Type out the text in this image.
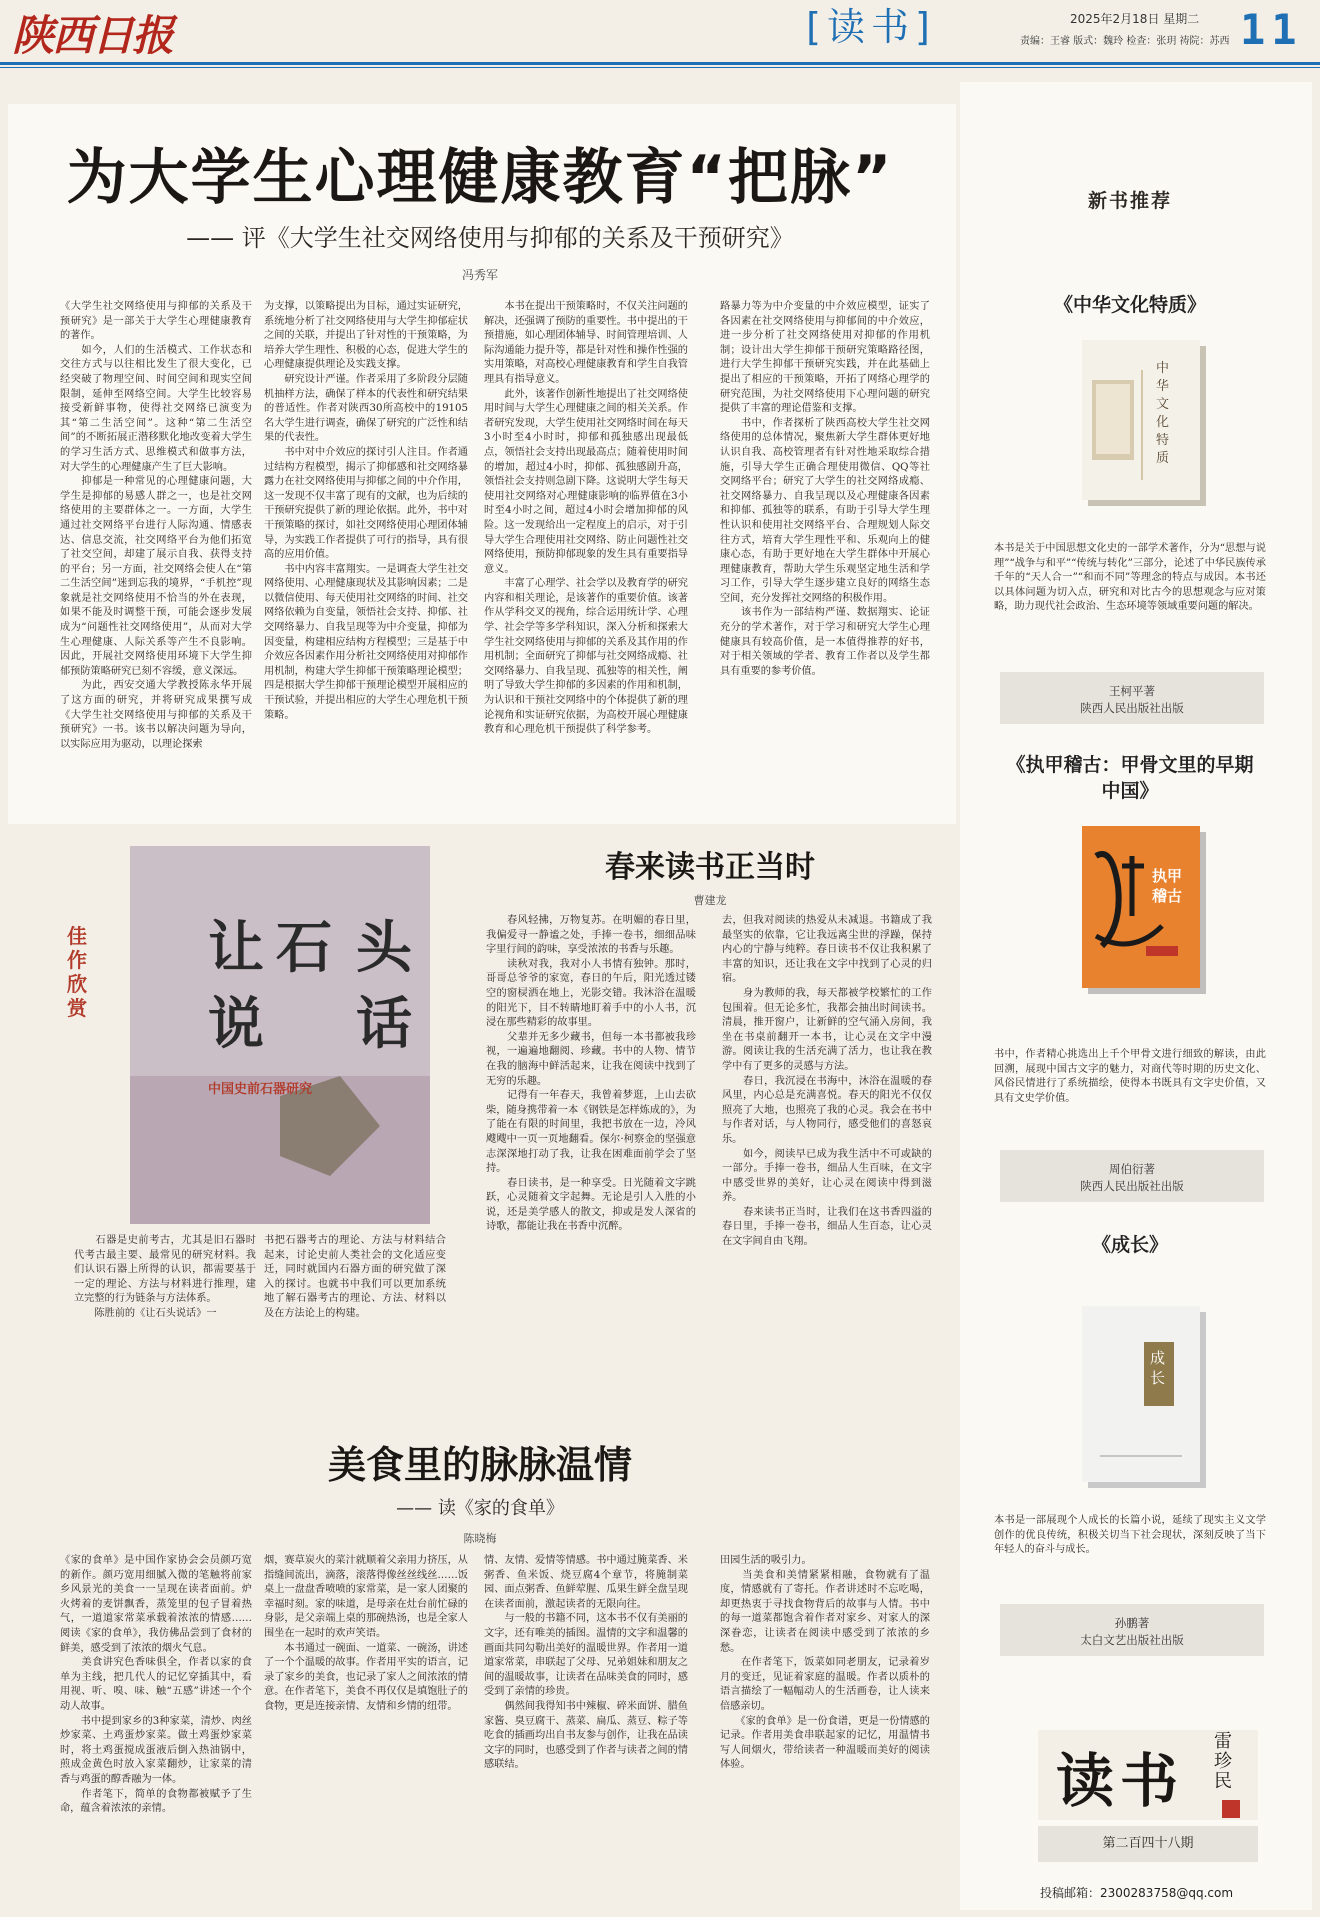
陕西日报	[读书]	2025年2月18日 星期二
责编：王睿 版式：魏玲 检查：张玥 祷院：苏西 11
为大学生心理健康教育“把脉”
—— 评《大学生社交网络使用与抑郁的关系及干预研究》
冯秀军
《大学生社交网络使用与抑郁的关系及干预研究》是一部关于大学生心理健康教育的著作。
　　如今，人们的生活模式、工作状态和交往方式与以往相比发生了很大变化，已经突破了物理空间、时间空间和现实空间限制，延伸至网络空间。大学生比较容易接受新鲜事物，使得社交网络已演变为其“第二生活空间”。这种“第二生活空间”的不断拓展正潜移默化地改变着大学生的学习生活方式、思维模式和做事方法，对大学生的心理健康产生了巨大影响。
　　抑郁是一种常见的心理健康问题，大学生是抑郁的易感人群之一，也是社交网络使用的主要群体之一。一方面，大学生通过社交网络平台进行人际沟通、情感表达、信息交流，社交网络平台为他们拓宽了社交空间，却建了展示自我、获得支持的平台；另一方面，社交网络会使人在“第二生活空间”迷到忘我的境界，“手机控”现象就是社交网络使用不恰当的外在表现，如果不能及时调整干预，可能会逐步发展成为“问题性社交网络使用”，从而对大学生心理健康、人际关系等产生不良影响。因此，开展社交网络使用环境下大学生抑郁预防策略研究已刻不容缓，意义深远。
　　为此，西安交通大学教授陈永华开展了这方面的研究，并将研究成果撰写成《大学生社交网络使用与抑郁的关系及干预研究》一书。该书以解决问题为导向，以实际应用为驱动，以理论探索
为支撑，以策略提出为目标，通过实证研究，系统地分析了社交网络使用与大学生抑郁症状之间的关联，并提出了针对性的干预策略，为培养大学生理性、积极的心态，促进大学生的心理健康提供理论及实践支撑。
　　研究设计严谨。作者采用了多阶段分层随机抽样方法，确保了样本的代表性和研究结果的普适性。作者对陕西30所高校中的19105名大学生进行调查，确保了研究的广泛性和结果的代表性。
　　书中对中介效应的探讨引人注目。作者通过结构方程模型，揭示了抑郁感和社交网络暴露力在社交网络使用与抑郁之间的中介作用，这一发现不仅丰富了现有的文献，也为后续的干预研究提供了新的理论依据。此外，书中对干预策略的探讨，如社交网络使用心理团体辅导，为实践工作者提供了可行的指导，具有很高的应用价值。
　　书中内容丰富翔实。一是调查大学生社交网络使用、心理健康现状及其影响因素；二是以微信使用、每天使用社交网络的时间、社交网络依赖为自变量，领悟社会支持、抑郁、社交网络暴力、自我呈现等为中介变量，抑郁为因变量，构建相应结构方程模型；三是基于中介效应各因素作用分析社交网络使用对抑郁作用机制，构建大学生抑郁干预策略理论模型；四是根据大学生抑郁干预理论模型开展相应的干预试验，并提出相应的大学生心理危机干预策略。
　　本书在提出干预策略时，不仅关注问题的解决，还强调了预防的重要性。书中提出的干预措施，如心理团体辅导、时间管理培训、人际沟通能力提升等，都是针对性和操作性强的实用策略，对高校心理健康教育和学生自我管理具有指导意义。
　　此外，该著作创新性地提出了社交网络使用时间与大学生心理健康之间的相关关系。作者研究发现，大学生使用社交网络时间在每天3小时至4小时时，抑郁和孤独感出现最低点，领悟社会支持出现最高点；随着使用时间的增加，超过4小时，抑郁、孤独感剧升高，领悟社会支持则急剧下降。这说明大学生每天使用社交网络对心理健康影响的临界值在3小时至4小时之间，超过4小时会增加抑郁的风险。这一发现给出一定程度上的启示，对于引导大学生合理使用社交网络、防止问题性社交网络使用，预防抑郁现象的发生具有重要指导意义。
　　丰富了心理学、社会学以及教育学的研究内容和相关理论，是该著作的重要价值。该著作从学科交叉的视角，综合运用统计学、心理学、社会学等多学科知识，深入分析和探索大学生社交网络使用与抑郁的关系及其作用的作用机制；全面研究了抑郁与社交网络成瘾、社交网络暴力、自我呈现、孤独等的相关性，阐明了导致大学生抑郁的多因素的作用和机制，为认识和干预社交网络中的个体提供了新的理论视角和实证研究依据，为高校开展心理健康教育和心理危机干预提供了科学参考。
路暴力等为中介变量的中介效应模型，证实了各因素在社交网络使用与抑郁间的中介效应，进一步分析了社交网络使用对抑郁的作用机制；设计出大学生抑郁干预研究策略路径图，进行大学生抑郁干预研究实践，并在此基础上提出了相应的干预策略，开拓了网络心理学的研究范围，为社交网络使用下心理问题的研究提供了丰富的理论借鉴和支撑。
　　书中，作者探析了陕西高校大学生社交网络使用的总体情况，聚焦新大学生群体更好地认识自我、高校管理者有针对性地采取综合措施，引导大学生正确合理使用微信、QQ等社交网络平台；研究了大学生的社交网络成瘾、社交网络暴力、自我呈现以及心理健康各因素和抑郁、孤独等的联系，有助于引导大学生理性认识和使用社交网络平台、合理规划人际交往方式，培育大学生理性平和、乐观向上的健康心态，有助于更好地在大学生群体中开展心理健康教育，帮助大学生乐观坚定地生活和学习工作，引导大学生逐步建立良好的网络生态空间，充分发挥社交网络的积极作用。
　　该书作为一部结构严谨、数据翔实、论证充分的学术著作，对于学习和研究大学生心理健康具有较高价值，是一本值得推荐的好书，对于相关领域的学者、教育工作者以及学生都具有重要的参考价值。
新书推荐
《中华文化特质》
中华文化特质
本书是关于中国思想文化史的一部学术著作，分为“思想与说理”“战争与和平”“传统与转化”三部分，论述了中华民族传承千年的“天人合一”“和而不同”等理念的特点与成因。本书还以具体问题为切入点，研究和对比古今的思想观念与应对策略，助力现代社会政治、生态环境等领域重要问题的解决。
王柯平著
陕西人民出版社出版
《执甲稽古：甲骨文里的早期中国》
执甲稽古
书中，作者精心挑选出上千个甲骨文进行细致的解读，由此回溯，展现中国古文字的魅力，对商代等时期的历史文化、风俗民情进行了系统描绘，使得本书既具有文字史价值，又具有文史学价值。
周伯衍著
陕西人民出版社出版
《成长》
成长
本书是一部展现个人成长的长篇小说，延续了现实主义文学创作的优良传统，积极关切当下社会现状，深刻反映了当下年轻人的奋斗与成长。
孙鹏著
太白文艺出版社出版
读书
雷珍民
第二百四十八期
投稿邮箱：2300283758@qq.com
佳作欣赏
让 石 头
说 话
中国史前石器研究
　　石器是史前考古，尤其是旧石器时代考古最主要、最常见的研究材料。我们认识石器上所得的认识，都需要基于一定的理论、方法与材料进行推理，建立完整的行为链条与方法体系。
　　陈胜前的《让石头说话》一
书把石器考古的理论、方法与材料结合起来，讨论史前人类社会的文化适应变迁，同时就国内石器方面的研究做了深入的探讨。也就书中我们可以更加系统地了解石器考古的理论、方法、材料以及在方法论上的构建。
春来读书正当时
曹建龙
　　春风轻拂，万物复苏。在明媚的春日里，我偏爱寻一静谧之处，手捧一卷书，细细品味字里行间的韵味，享受浓浓的书香与乐趣。
　　读秋对我，我对小人书情有独钟。那时，哥哥总爷爷的家宽，春日的午后，阳光透过镂空的窗棂洒在地上，光影交错。我沐浴在温暖的阳光下，目不转睛地盯着手中的小人书，沉浸在那些精彩的故事里。
　　父辈并无多少藏书，但每一本书都被我珍视，一遍遍地翻阅、珍藏。书中的人物、情节在我的脑海中鲜活起来，让我在阅读中找到了无穷的乐趣。
　　记得有一年春天，我曾着梦逛，上山去砍柴，随身携带着一本《钢铁是怎样炼成的》，为了能在有限的时间里，我把书放在一边，冷风飕飕中一页一页地翻看。保尔·柯察金的坚强意志深深地打动了我，让我在困难面前学会了坚持。
　　春日读书，是一种享受。日光随着文字跳跃，心灵随着文字起舞。无论是引人入胜的小说，还是美学感人的散文，抑或是发人深省的诗歌，都能让我在书香中沉醉。
去，但我对阅读的热爱从未减退。书籍成了我最坚实的依靠，它让我远离尘世的浮躁，保持内心的宁静与纯粹。春日读书不仅让我积累了丰富的知识，还让我在文字中找到了心灵的归宿。
　　身为教师的我，每天都被学校繁忙的工作包围着。但无论多忙，我都会抽出时间读书。清晨，推开窗户，让新鲜的空气涌入房间，我坐在书桌前翻开一本书，让心灵在文字中漫游。阅读让我的生活充满了活力，也让我在教学中有了更多的灵感与方法。
　　春日，我沉浸在书海中，沐浴在温暖的春风里，内心总是充满喜悦。春天的阳光不仅仅照亮了大地，也照亮了我的心灵。我会在书中与作者对话，与人物同行，感受他们的喜怒哀乐。
　　如今，阅读早已成为我生活中不可或缺的一部分。手捧一卷书，细品人生百味，在文字中感受世界的美好，让心灵在阅读中得到滋养。
　　春来读书正当时，让我们在这书香四溢的春日里，手捧一卷书，细品人生百态，让心灵在文字间自由飞翔。
美食里的脉脉温情
—— 读《家的食单》
陈晓梅
《家的食单》是中国作家协会会员颜巧宽的新作。颜巧宽用细腻入微的笔触将前家乡风景光的美食一一呈现在读者面前。炉火烤着的麦饼飘香，蒸笼里的包子冒着热气，一道道家常菜承载着浓浓的情感……阅读《家的食单》，我仿佛品尝到了食材的鲜美，感受到了浓浓的烟火气息。
　　美食讲究色香味俱全，作者以家的食单为主线，把几代人的记忆穿插其中，看用视、听、嗅、味、触“五感”讲述一个个动人故事。
　　书中提到家乡的3种家菜，清炒、肉丝炒家菜、土鸡蛋炒家菜。做土鸡蛋炒家菜时，将土鸡蛋搅成蛋液后倒入热油锅中，煎成金黄色时放入家菜翻炒，让家菜的清香与鸡蛋的醇香融为一体。
　　作者笔下，简单的食物都被赋予了生命，蕴含着浓浓的亲情。
烟，赛草炭火的菜汁就顺着父亲用力挤压，从指缝间流出，滴落，滚落得像丝丝线丝……饭桌上一盘盘香喷喷的家常菜，是一家人团聚的幸福时刻。家的味道，是母亲在灶台前忙碌的身影，是父亲端上桌的那碗热汤，也是全家人围坐在一起时的欢声笑语。
　　本书通过一碗面、一道菜、一碗汤，讲述了一个个温暖的故事。作者用平实的语言，记录了家乡的美食，也记录了家人之间浓浓的情意。在作者笔下，美食不再仅仅是填饱肚子的食物，更是连接亲情、友情和乡情的纽带。
情、友情、爱情等情感。书中通过腌菜香、米粥香、鱼米饭、烧豆腐4个章节，将腌制菜园、面点粥香、鱼鲜荤腥、瓜果生鲜全盘呈现在读者面前，激起读者的无限向往。
　　与一般的书籍不同，这本书不仅有美丽的文字，还有唯美的插图。温情的文字和温馨的画面共同勾勒出美好的温暖世界。作者用一道道家常菜，串联起了父母、兄弟姐妹和朋友之间的温暖故事，让读者在品味美食的同时，感受到了亲情的珍贵。
　　偶然间我得知书中辣椒、碎米面饼、腊鱼家酱、臭豆腐干、蒸菜、扁瓜、蒸豆、粽子等吃食的插画均出自书友参与创作，让我在品读文字的同时，也感受到了作者与读者之间的情感联结。
田园生活的吸引力。
　　当美食和美情紧紧相融，食物就有了温度，情感就有了寄托。作者讲述时不忘吃喝，却更热衷于寻找食物背后的故事与人情。书中的每一道菜都饱含着作者对家乡、对家人的深深眷恋，让读者在阅读中感受到了浓浓的乡愁。
　　在作者笔下，饭菜如同老朋友，记录着岁月的变迁，见证着家庭的温暖。作者以质朴的语言描绘了一幅幅动人的生活画卷，让人读来倍感亲切。
　　《家的食单》是一份食谱，更是一份情感的记录。作者用美食串联起家的记忆，用温情书写人间烟火，带给读者一种温暖而美好的阅读体验。
